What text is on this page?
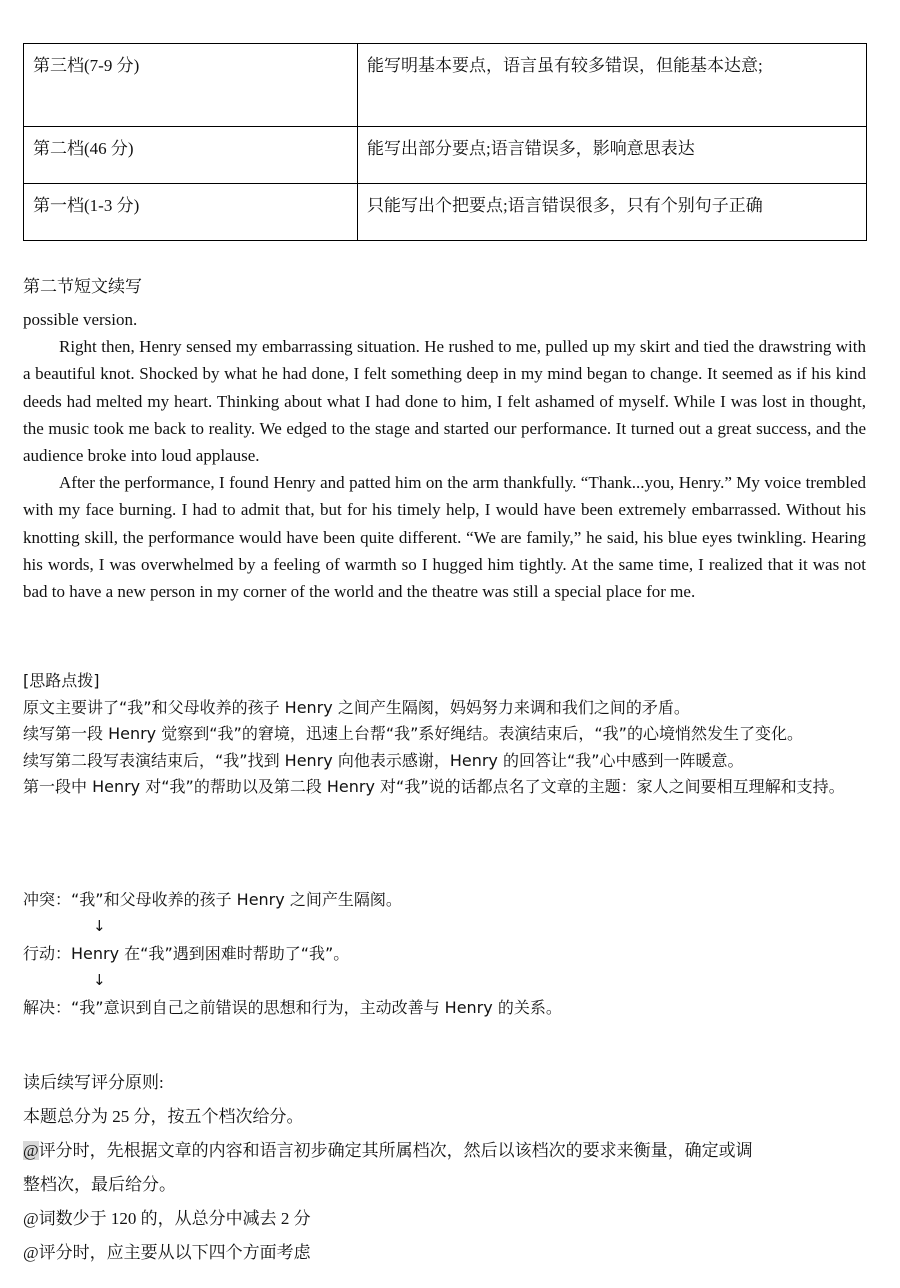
第三档(7-9 分)	能写明基本要点，语言虽有较多错误，但能基本达意;
第二档(46 分)	能写出部分要点;语言错误多，影响意思表达
第一档(1-3 分)	只能写出个把要点;语言错误很多，只有个别句子正确
第二节短文续写

possible version.

Right then, Henry sensed my embarrassing situation. He rushed to me, pulled up my skirt and tied the drawstring with a beautiful knot. Shocked by what he had done, I felt something deep in my mind began to change. It seemed as if his kind deeds had melted my heart. Thinking about what I had done to him, I felt ashamed of myself. While I was lost in thought, the music took me back to reality. We edged to the stage and started our performance. It turned out a great success, and the audience broke into loud applause.

After the performance, I found Henry and patted him on the arm thankfully. “Thank...you, Henry.” My voice trembled with my face burning. I had to admit that, but for his timely help, I would have been extremely embarrassed. Without his knotting skill, the performance would have been quite different. “We are family,” he said, his blue eyes twinkling. Hearing his words, I was overwhelmed by a feeling of warmth so I hugged him tightly. At the same time, I realized that it was not bad to have a new person in my corner of the world and the theatre was still a special place for me.

[思路点拨]

原文主要讲了“我”和父母收养的孩子 Henry 之间产生隔阂，妈妈努力来调和我们之间的矛盾。

续写第一段 Henry 觉察到“我”的窘境，迅速上台帮“我”系好绳结。表演结束后，“我”的心境悄然发生了变化。

续写第二段写表演结束后，“我”找到 Henry 向他表示感谢，Henry 的回答让“我”心中感到一阵暖意。

第一段中 Henry 对“我”的帮助以及第二段 Henry 对“我”说的话都点名了文章的主题：家人之间要相互理解和支持。

冲突：“我”和父母收养的孩子 Henry 之间产生隔阂。
↓
行动：Henry 在“我”遇到困难时帮助了“我”。
↓
解决：“我”意识到自己之前错误的思想和行为，主动改善与 Henry 的关系。

读后续写评分原则:

本题总分为 25 分，按五个档次给分。

@评分时，先根据文章的内容和语言初步确定其所属档次，然后以该档次的要求来衡量，确定或调

整档次，最后给分。

@词数少于 120 的，从总分中减去 2 分

@评分时，应主要从以下四个方面考虑
